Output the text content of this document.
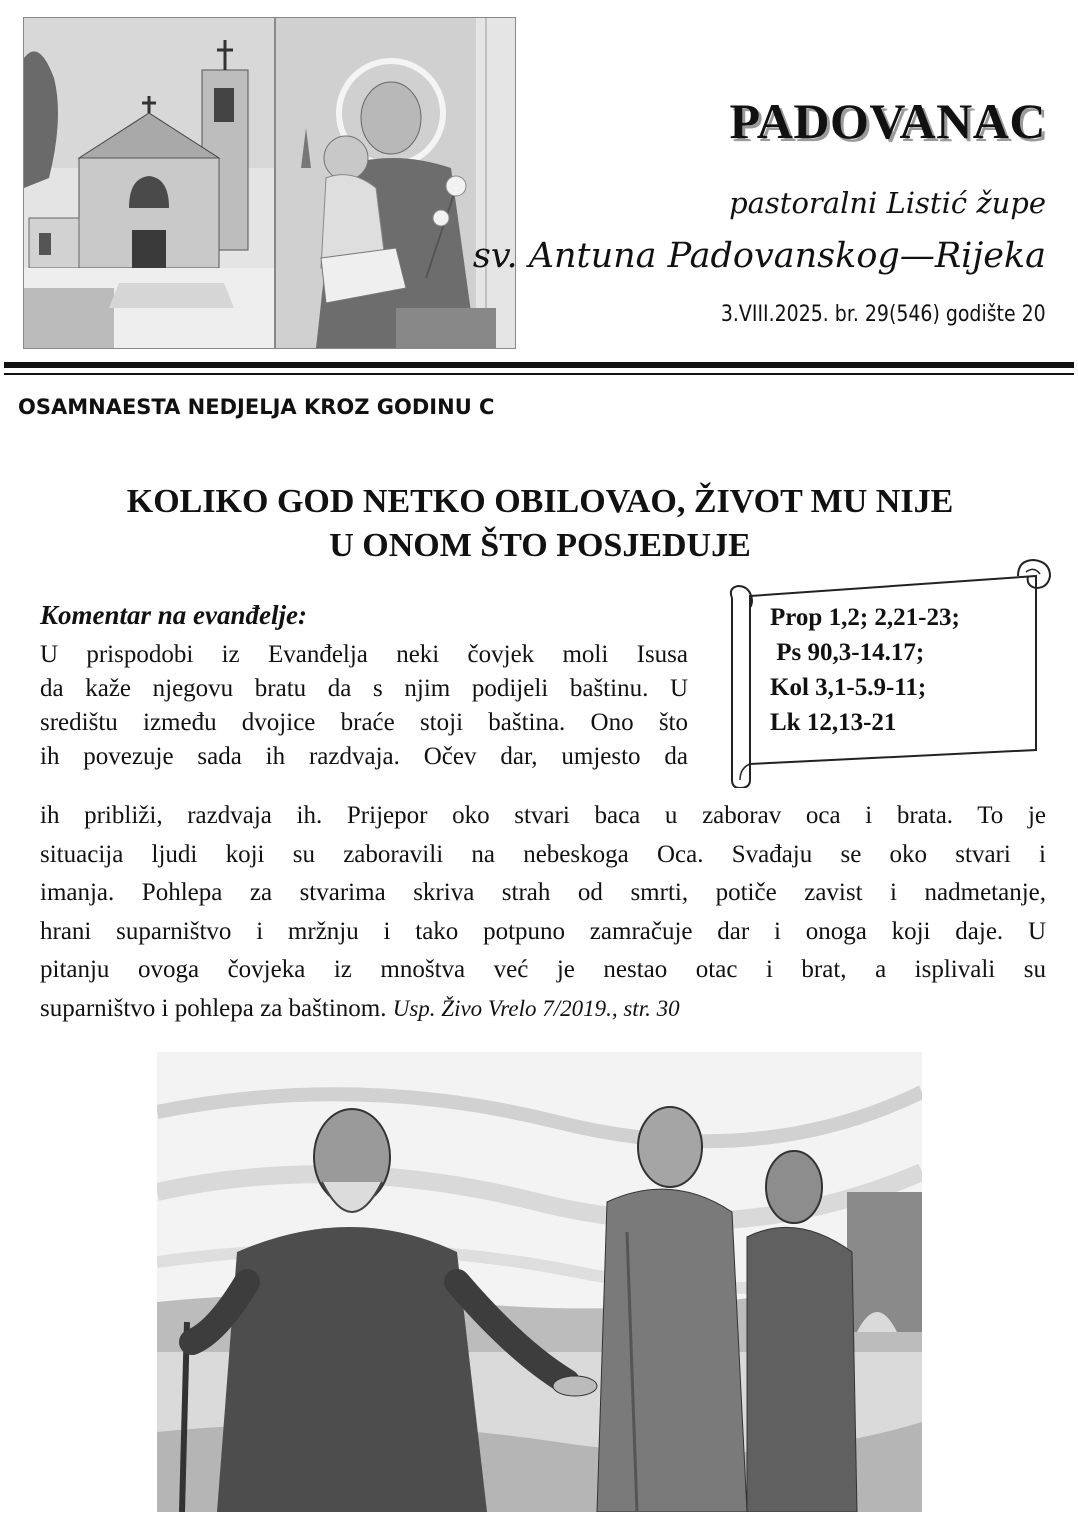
PADOVANAC
pastoralni Listić župe
sv. Antuna Padovanskog—Rijeka
3.VIII.2025. br. 29(546) godište 20
OSAMNAESTA NEDJELJA KROZ GODINU C
KOLIKO GOD NETKO OBILOVAO, ŽIVOT MU NIJE
U ONOM ŠTO POSJEDUJE
Prop 1,2; 2,21-23;
Ps 90,3-14.17;
Kol 3,1-5.9-11;
Lk 12,13-21
Komentar na evanđelje:
U prispodobi iz Evanđelja neki čovjek moli Isusa
da kaže njegovu bratu da s njim podijeli baštinu. U
središtu između dvojice braće stoji baština. Ono što
ih povezuje sada ih razdvaja. Očev dar, umjesto da
ih približi, razdvaja ih. Prijepor oko stvari baca u zaborav oca i brata. To je
situacija ljudi koji su zaboravili na nebeskoga Oca. Svađaju se oko stvari i
imanja. Pohlepa za stvarima skriva strah od smrti, potiče zavist i nadmetanje,
hrani suparništvo i mržnju i tako potpuno zamračuje dar i onoga koji daje. U
pitanju ovoga čovjeka iz mnoštva već je nestao otac i brat, a isplivali su
suparništvo i pohlepa za baštinom. Usp. Živo Vrelo 7/2019., str. 30
